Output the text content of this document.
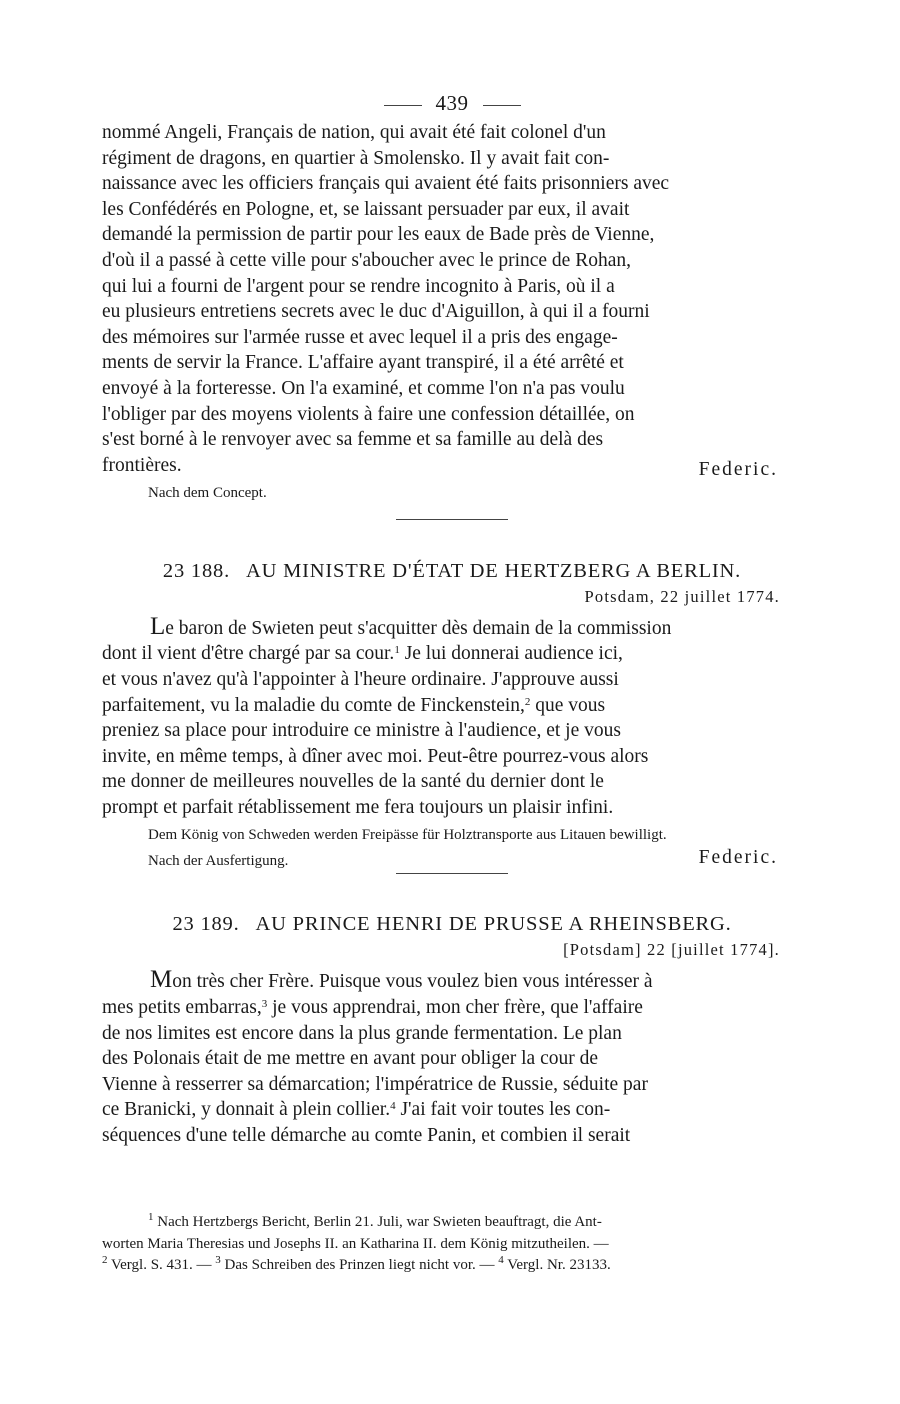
439

nommé Angeli, Français de nation, qui avait été fait colonel d'un

régiment de dragons, en quartier à Smolensko. Il y avait fait con-

naissance avec les officiers français qui avaient été faits prisonniers avec

les Confédérés en Pologne, et, se laissant persuader par eux, il avait

demandé la permission de partir pour les eaux de Bade près de Vienne,

d'où il a passé à cette ville pour s'aboucher avec le prince de Rohan,

qui lui a fourni de l'argent pour se rendre incognito à Paris, où il a

eu plusieurs entretiens secrets avec le duc d'Aiguillon, à qui il a fourni

des mémoires sur l'armée russe et avec lequel il a pris des engage-

ments de servir la France. L'affaire ayant transpiré, il a été arrêté et

envoyé à la forteresse. On l'a examiné, et comme l'on n'a pas voulu

l'obliger par des moyens violents à faire une confession détaillée, on

s'est borné à le renvoyer avec sa femme et sa famille au delà des

frontières.	Federic.

Nach dem Concept.

23 188. AU MINISTRE D'ÉTAT DE HERTZBERG A BERLIN.

Potsdam, 22 juillet 1774.

Le baron de Swieten peut s'acquitter dès demain de la commission

dont il vient d'être chargé par sa cour.$^1$ Je lui donnerai audience ici,

et vous n'avez qu'à l'appointer à l'heure ordinaire. J'approuve aussi

parfaitement, vu la maladie du comte de Finckenstein,$^2$ que vous

preniez sa place pour introduire ce ministre à l'audience, et je vous

invite, en même temps, à dîner avec moi. Peut-être pourrez-vous alors

me donner de meilleures nouvelles de la santé du dernier dont le

prompt et parfait rétablissement me fera toujours un plaisir infini.

Dem König von Schweden werden Freipässe für Holztransporte aus Litauen bewilligt.

Nach der Ausfertigung.	Federic.

23 189. AU PRINCE HENRI DE PRUSSE A RHEINSBERG.

[Potsdam] 22 [juillet 1774].

Mon très cher Frère. Puisque vous voulez bien vous intéresser à

mes petits embarras,$^3$ je vous apprendrai, mon cher frère, que l'affaire

de nos limites est encore dans la plus grande fermentation. Le plan

des Polonais était de me mettre en avant pour obliger la cour de

Vienne à resserrer sa démarcation; l'impératrice de Russie, séduite par

ce Branicki, y donnait à plein collier.$^4$ J'ai fait voir toutes les con-

séquences d'une telle démarche au comte Panin, et combien il serait

$^1$ Nach Hertzbergs Bericht, Berlin 21. Juli, war Swieten beauftragt, die Ant-

worten Maria Theresias und Josephs II. an Katharina II. dem König mitzutheilen. —

$^2$ Vergl. S. 431. — $^3$ Das Schreiben des Prinzen liegt nicht vor. — $^4$ Vergl. Nr. 23133.
